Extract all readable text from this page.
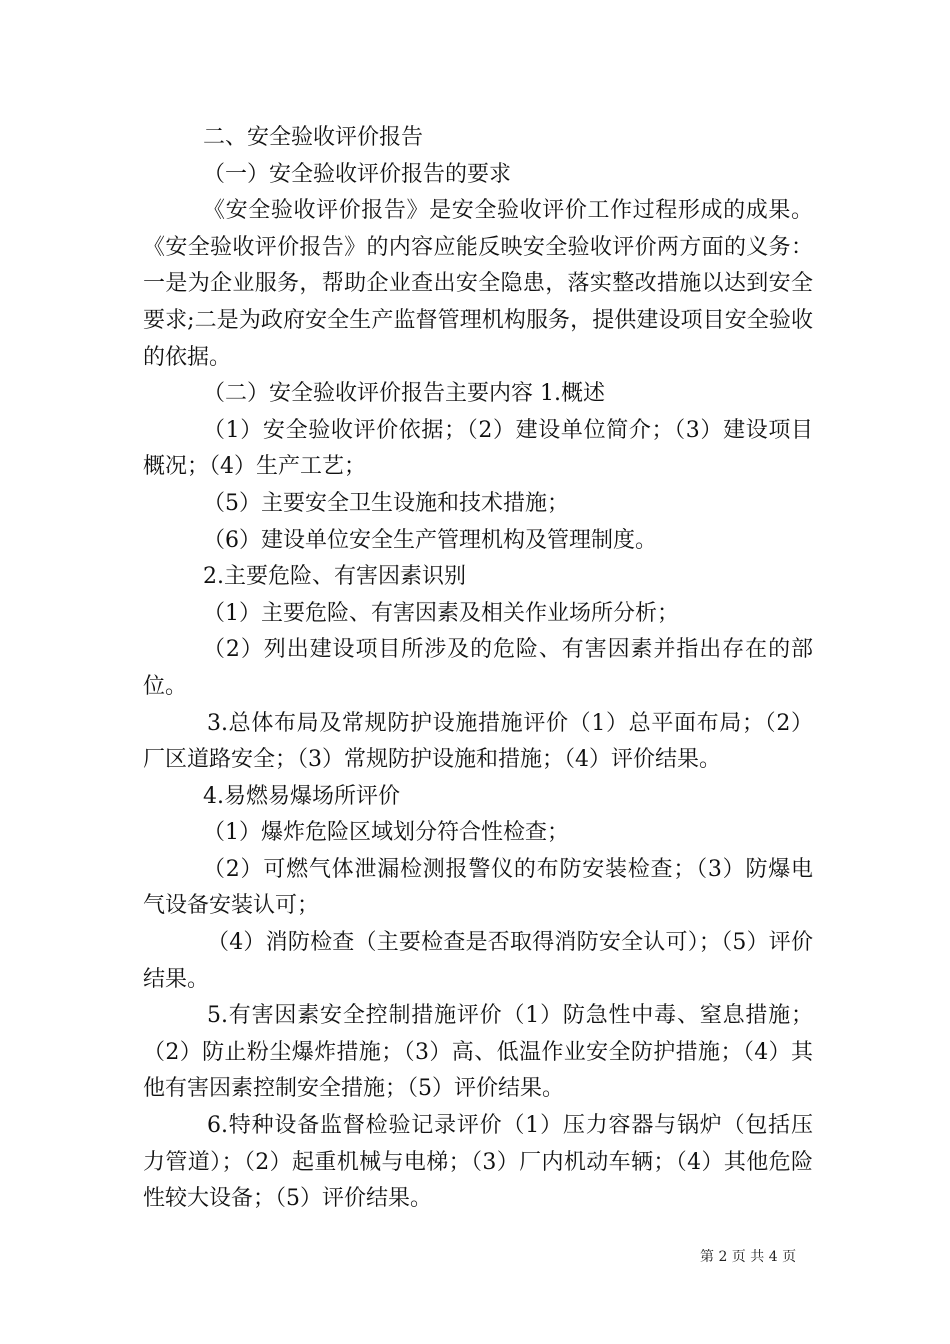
二、安全验收评价报告

（一）安全验收评价报告的要求

《安全验收评价报告》是安全验收评价工作过程形成的成果。《安全验收评价报告》的内容应能反映安全验收评价两方面的义务：一是为企业服务，帮助企业查出安全隐患，落实整改措施以达到安全要求;二是为政府安全生产监督管理机构服务，提供建设项目安全验收的依据。

（二）安全验收评价报告主要内容 1.概述

（1）安全验收评价依据；（2）建设单位简介；（3）建设项目概况；（4）生产工艺；

（5）主要安全卫生设施和技术措施；

（6）建设单位安全生产管理机构及管理制度。

2.主要危险、有害因素识别

（1）主要危险、有害因素及相关作业场所分析；

（2）列出建设项目所涉及的危险、有害因素并指出存在的部位。

3.总体布局及常规防护设施措施评价（1）总平面布局；（2）厂区道路安全；（3）常规防护设施和措施；（4）评价结果。

4.易燃易爆场所评价

（1）爆炸危险区域划分符合性检查；

（2）可燃气体泄漏检测报警仪的布防安装检查；（3）防爆电气设备安装认可；

（4）消防检查（主要检查是否取得消防安全认可）；（5）评价结果。

5.有害因素安全控制措施评价（1）防急性中毒、窒息措施；（2）防止粉尘爆炸措施；（3）高、低温作业安全防护措施；（4）其他有害因素控制安全措施；（5）评价结果。

6.特种设备监督检验记录评价（1）压力容器与锅炉（包括压力管道）；（2）起重机械与电梯；（3）厂内机动车辆；（4）其他危险性较大设备；（5）评价结果。

第 2 页 共 4 页
